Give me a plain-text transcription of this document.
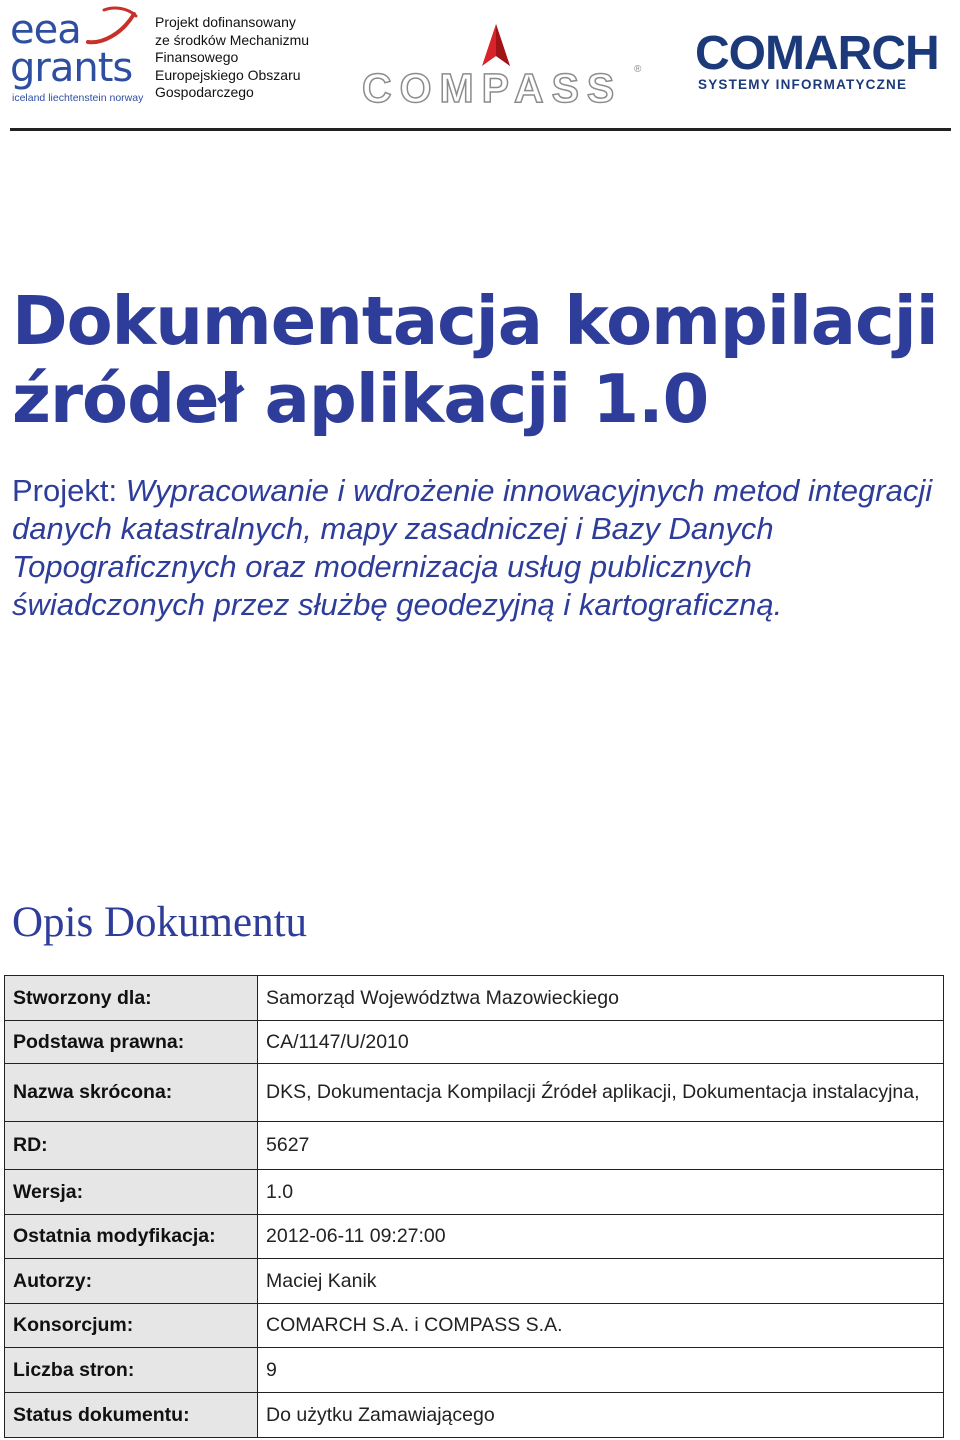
eea
grants
iceland liechtenstein norway
Projekt dofinansowany
ze środków Mechanizmu
Finansowego
Europejskiego Obszaru
Gospodarczego	COMPASS ® COMARCH
SYSTEMY INFORMATYCZNE
Dokumentacja kompilacji
źródeł aplikacji 1.0
Projekt: Wypracowanie i wdrożenie innowacyjnych metod integracji danych katastralnych, mapy zasadniczej i Bazy Danych Topograficznych oraz modernizacja usług publicznych świadczonych przez służbę geodezyjną i kartograficzną.
Opis Dokumentu
Stworzony dla:	Samorząd Województwa Mazowieckiego
Podstawa prawna:	CA/1147/U/2010
Nazwa skrócona:	DKS, Dokumentacja Kompilacji Źródeł aplikacji, Dokumentacja instalacyjna,
RD:	5627
Wersja:	1.0
Ostatnia modyfikacja:	2012-06-11 09:27:00
Autorzy:	Maciej Kanik
Konsorcjum:	COMARCH S.A. i COMPASS S.A.
Liczba stron:	9
Status dokumentu:	Do użytku Zamawiającego
